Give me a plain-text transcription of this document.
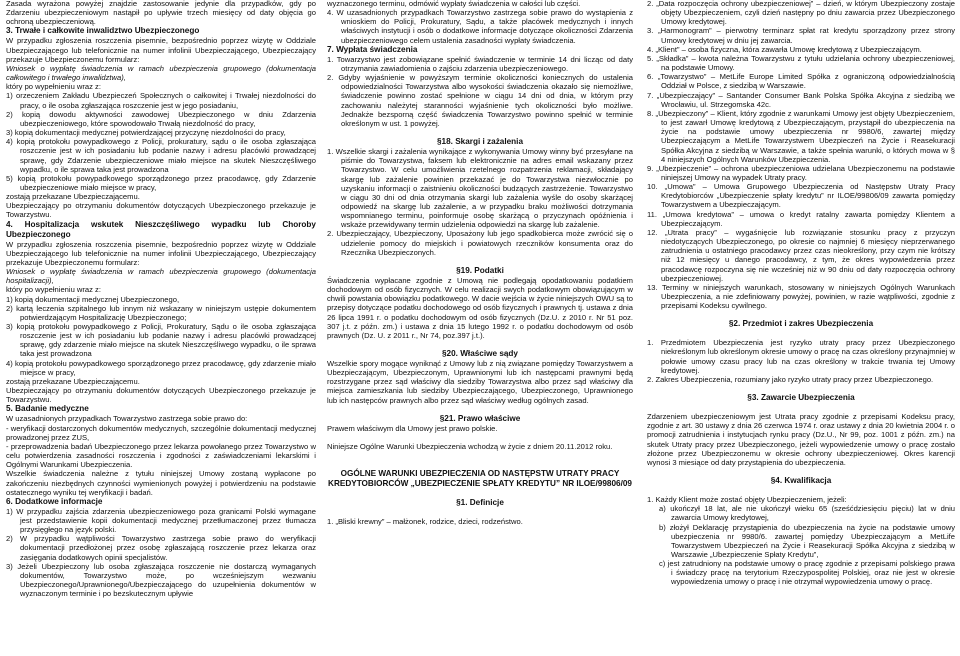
Zasada wyrażona powyżej znajdzie zastosowanie jedynie dla przypadków, gdy po Zdarzeniu ubezpieczeniowym nastąpił po upływie trzech miesięcy od daty objęcia go ochroną ubezpieczeniową.

3. Trwałe i całkowite inwalidztwo Ubezpieczonego

W przypadku zgłoszenia roszczenia pisemnie, bezpośrednio poprzez wizytę w Oddziale Ubezpieczającego lub telefonicznie na numer infolinii Ubezpieczającego, Ubezpieczający przekazuje Ubezpieczonemu formularz:

Wniosek o wypłatę świadczenia w ramach ubezpieczenia grupowego (dokumentacja całkowitego i trwałego inwalidztwa),

który po wypełnieniu wraz z:

1) orzeczeniem Zakładu Ubezpieczeń Społecznych o całkowitej i Trwałej niezdolności do pracy, o ile osoba zgłaszająca roszczenie jest w jego posiadaniu,

2) kopią dowodu aktywności zawodowej Ubezpieczonego w dniu Zdarzenia ubezpieczeniowego, które spowodowało Trwałą niezdolność do pracy,

3) kopią dokumentacji medycznej potwierdzającej przyczynę niezdolności do pracy,

4) kopią protokołu powypadkowego z Policji, prokuratury, sądu o ile osoba zgłaszająca roszczenie jest w ich posiadaniu lub podanie nazwy i adresu placówki prowadzącej sprawę, gdy Zdarzenie ubezpieczeniowe miało miejsce na skutek Nieszczęśliwego wypadku, o ile sprawa taka jest prowadzona

5) kopią protokołu powypadkowego sporządzonego przez pracodawcę, gdy Zdarzenie ubezpieczeniowe miało miejsce w pracy,

zostają przekazane Ubezpieczającemu.

Ubezpieczający po otrzymaniu dokumentów dotyczących Ubezpieczonego przekazuje je Towarzystwu.

4. Hospitalizacja wskutek Nieszczęśliwego wypadku lub Choroby Ubezpieczonego

W przypadku zgłoszenia roszczenia pisemnie, bezpośrednio poprzez wizytę w Oddziale Ubezpieczającego lub telefonicznie na numer infolinii Ubezpieczającego, Ubezpieczający przekazuje Ubezpieczonemu formularz:

Wniosek o wypłatę świadczenia w ramach ubezpieczenia grupowego (dokumentacja hospitalizacji),

który po wypełnieniu wraz z:

1) kopią dokumentacji medycznej Ubezpieczonego,

2) kartą leczenia szpitalnego lub innym niż wskazany w niniejszym ustępie dokumentem potwierdzającym Hospitalizację Ubezpieczonego;

3) kopią protokołu powypadkowego z Policji, Prokuratury, Sądu o ile osoba zgłaszająca roszczenie jest w ich posiadaniu lub podanie nazwy i adresu placówki prowadzącej sprawę, gdy zdarzenie miało miejsce na skutek Nieszczęśliwego wypadku, o ile sprawa taka jest prowadzona

4) kopią protokołu powypadkowego sporządzonego przez pracodawcę, gdy zdarzenie miało miejsce w pracy,

zostają przekazane Ubezpieczającemu.

Ubezpieczający po otrzymaniu dokumentów dotyczących Ubezpieczonego przekazuje je Towarzystwu.

5. Badanie medyczne

W uzasadnionych przypadkach Towarzystwo zastrzega sobie prawo do:

- weryfikacji dostarczonych dokumentów medycznych, szczególnie dokumentacji medycznej prowadzonej przez ZUS,

- przeprowadzenia badań Ubezpieczonego przez lekarza powołanego przez Towarzystwo w celu potwierdzenia zasadności roszczenia i zgodności z zaświadczeniami lekarskimi i Ogólnymi Warunkami Ubezpieczenia.

Wszelkie świadczenia należne z tytułu niniejszej Umowy zostaną wypłacone po zakończeniu niezbędnych czynności wymienionych powyżej i potwierdzeniu na podstawie ostatecznego wyniku tej weryfikacji i badań.

6. Dodatkowe informacje

1) W przypadku zajścia zdarzenia ubezpieczeniowego poza granicami Polski wymagane jest przedstawienie kopii dokumentacji medycznej przetłumaczonej przez tłumacza przysięgłego na język polski.

2) W przypadku wątpliwości Towarzystwo zastrzega sobie prawo do weryfikacji dokumentacji przedłożonej przez osobę zgłaszającą roszczenie przez lekarza oraz zasięgania dodatkowych opinii specjalistów.

3) Jeżeli Ubezpieczony lub osoba zgłaszająca roszczenie nie dostarczą wymaganych dokumentów, Towarzystwo może, po wcześniejszym wezwaniu Ubezpieczonego/Uprawnionego/Ubezpieczającego do uzupełnienia dokumentów w wyznaczonym terminie i po bezskutecznym upływie

wyznaczonego terminu, odmówić wypłaty świadczenia w całości lub części.

4. W uzasadnionych przypadkach Towarzystwo zastrzega sobie prawo do wystąpienia z wnioskiem do Policji, Prokuratury, Sądu, a także placówek medycznych i innych właściwych instytucji i osób o dodatkowe informacje dotyczące okoliczności Zdarzenia ubezpieczeniowego celem ustalenia zasadności wypłaty świadczenia.

7. Wypłata świadczenia

1. Towarzystwo jest zobowiązane spełnić świadczenie w terminie 14 dni licząc od daty otrzymania zawiadomienia o zajściu zdarzenia ubezpieczeniowego.

2. Gdyby wyjaśnienie w powyższym terminie okoliczności koniecznych do ustalenia odpowiedzialności Towarzystwa albo wysokości świadczenia okazało się niemożliwe, świadczenie powinno zostać spełnione w ciągu 14 dni od dnia, w którym przy zachowaniu należytej staranności wyjaśnienie tych okoliczności było możliwe. Jednakże bezsporną część świadczenia Towarzystwo powinno spełnić w terminie określonym w ust. 1 powyżej.

§18. Skargi i zażalenia

1. Wszelkie skargi i zażalenia wynikające z wykonywania Umowy winny być przesyłane na piśmie do Towarzystwa, faksem lub elektronicznie na adres email wskazany przez Towarzystwo. W celu umożliwienia rzetelnego rozpatrzenia reklamacji, składający skargę lub zażalenie powinien przekazać je do Towarzystwa niezwłocznie po uzyskaniu informacji o zaistnieniu okoliczności budzących zastrzeżenie. Towarzystwo w ciągu 30 dni od dnia otrzymania skargi lub zażalenia wyśle do osoby skarżącej odpowiedź na skargę lub zażalenie, a w przypadku braku możliwości dotrzymania wspomnianego terminu, poinformuje osobę skarżącą o przyczynach opóźnienia i wskaże przewidywany termin udzielenia odpowiedzi na skargę lub zażalenie.

2. Ubezpieczający, Ubezpieczony, Uposażony lub jego spadkobierca może zwrócić się o udzielenie pomocy do miejskich i powiatowych rzeczników konsumenta oraz do Rzecznika Ubezpieczonych.

§19. Podatki

Świadczenia wypłacane zgodnie z Umową nie podlegają opodatkowaniu podatkiem dochodowym od osób fizycznych. W celu realizacji swych podatkowym obowiązującym w chwili powstania obowiązku podatkowego. W dacie wejścia w życie niniejszych OWU są to przepisy dotyczące podatku dochodowego od osób fizycznych i prawnych tj. ustawa z dnia 26 lipca 1991 r. o podatku dochodowym od osób fizycznych (Dz.U. z 2010 r. Nr 51 poz. 307 j.t. z późn. zm.) i ustawa z dnia 15 lutego 1992 r. o podatku dochodowym od osób prawnych (Dz. U. z 2011 r., Nr 74, poz.397 j.t.).

§20. Właściwe sądy

Wszelkie spory mogące wyniknąć z Umowy lub z nią związane pomiędzy Towarzystwem a Ubezpieczającym, Ubezpieczonym, Uprawnionymi lub ich następcami prawnymi będą rozstrzygane przez sąd właściwy dla siedziby Towarzystwa albo przez sąd właściwy dla miejsca zamieszkania lub siedziby Ubezpieczającego, Ubezpieczonego, Uprawnionego lub ich następców prawnych albo przez sąd właściwy według ogólnych zasad.

§21. Prawo właściwe

Prawem właściwym dla Umowy jest prawo polskie.

Niniejsze Ogólne Warunki Ubezpieczenia wchodzą w życie z dniem 20.11.2012 roku.

OGÓLNE WARUNKI UBEZPIECZENIA OD NASTĘPSTW UTRATY PRACY KREDYTOBIORCÓW „UBEZPIECZENIE SPŁATY KREDYTU” NR ILOE/99806/09

§1. Definicje

1. „Bliski krewny” – małżonek, rodzice, dzieci, rodzeństwo.

2. „Data rozpoczęcia ochrony ubezpieczeniowej” – dzień, w którym Ubezpieczony zostaje objęty Ubezpieczeniem, czyli dzień następny po dniu zawarcia przez Ubezpieczonego Umowy kredytowej.

3. „Harmonogram” – pierwotny terminarz spłat rat kredytu sporządzony przez strony Umowy kredytowej w dniu jej zawarcia.

4. „Klient” – osoba fizyczna, która zawarła Umowę kredytową z Ubezpieczającym.

5. „Składka” – kwota należna Towarzystwu z tytułu udzielania ochrony ubezpieczeniowej, na podstawie Umowy.

6. „Towarzystwo” – MetLife Europe Limited Spółka z ograniczoną odpowiedzialnością Oddział w Polsce, z siedzibą w Warszawie.

7. „Ubezpieczający” – Santander Consumer Bank Polska Spółka Akcyjna z siedzibą we Wrocławiu, ul. Strzegomska 42c.

8. „Ubezpieczony” – Klient, który zgodnie z warunkami Umowy jest objęty Ubezpieczeniem, to jest zawarł Umowę kredytową z Ubezpieczającym, przystąpił do ubezpieczenia na życie na podstawie umowy ubezpieczenia nr 9980/6, zawartej między Ubezpieczającym a MetLife Towarzystwem Ubezpieczeń na Życie i Reasekuracji Spółka Akcyjna z siedzibą w Warszawie, a także spełnia warunki, o których mowa w § 4 niniejszych Ogólnych Warunków Ubezpieczenia.

9. „Ubezpieczenie” – ochrona ubezpieczeniowa udzielana Ubezpieczonemu na podstawie niniejszej Umowy na wypadek Utraty pracy.

10. „Umowa” – Umowa Grupowego Ubezpieczenia od Następstw Utraty Pracy Kredytobiorców „Ubezpieczenie spłaty kredytu” nr ILOE/99806/09 zawarta pomiędzy Towarzystwem a Ubezpieczającym.

11. „Umowa kredytowa” – umowa o kredyt ratalny zawarta pomiędzy Klientem a Ubezpieczającym.

12. „Utrata pracy” – wygaśnięcie lub rozwiązanie stosunku pracy z przyczyn niedotyczących Ubezpieczonego, po okresie co najmniej 6 miesięcy nieprzerwanego zatrudnienia u ostatniego pracodawcy przez czas nieokreślony, przy czym nie krótszy niż 12 miesięcy u danego pracodawcy, z tym, że okres wypowiedzenia przez pracodawcę rozpoczyna się nie wcześniej niż w 90 dniu od daty rozpoczęcia ochrony ubezpieczeniowej.

13. Terminy w niniejszych warunkach, stosowany w niniejszych Ogólnych Warunkach Ubezpieczenia, a nie zdefiniowany powyżej, powinien, w razie wątpliwości, zgodnie z przepisami Kodeksu cywilnego.

§2. Przedmiot i zakres Ubezpieczenia

1. Przedmiotem Ubezpieczenia jest ryzyko utraty pracy przez Ubezpieczonego niekreślonym lub określonym okresie umowy o pracę na czas określony przynajmniej w połowie umowy czasu pracy lub na czas określony w trakcie trwania tej Umowy kredytowej.

2. Zakres Ubezpieczenia, rozumiany jako ryzyko utraty pracy przez Ubezpieczonego.

§3. Zawarcie Ubezpieczenia

Zdarzeniem ubezpieczeniowym jest Utrata pracy zgodnie z przepisami Kodeksu pracy, zgodnie z art. 30 ustawy z dnia 26 czerwca 1974 r. oraz ustawy z dnia 20 kwietnia 2004 r. o promocji zatrudnienia i instytucjach rynku pracy (Dz.U., Nr 99, poz. 1001 z późn. zm.) na skutek Utraty pracy przez Ubezpieczonego, jeżeli wypowiedzenie umowy o pracę zostało złożone przez Ubezpieczonemu w okresie ochrony ubezpieczeniowej. Okres karencji wynosi 3 miesiące od daty przystąpienia do ubezpieczenia.

§4. Kwalifikacja

1. Każdy Klient może zostać objęty Ubezpieczeniem, jeżeli:

a) ukończył 18 lat, ale nie ukończył wieku 65 (sześćdziesięciu pięciu) lat w dniu zawarcia Umowy kredytowej,

b) złożył Deklarację przystąpienia do ubezpieczenia na życie na podstawie umowy ubezpieczenia nr 9980/6. zawartej pomiędzy Ubezpieczającym a MetLife Towarzystwem Ubezpieczeń na Życie i Reasekuracji Spółka Akcyjna z siedzibą w Warszawie „Ubezpieczenie Spłaty Kredytu”,

c) jest zatrudniony na podstawie umowy o pracę zgodnie z przepisami polskiego prawa i świadczy pracę na terytorium Rzeczypospolitej Polskiej, oraz nie jest w okresie wypowiedzenia umowy o pracę i nie otrzymał wypowiedzenia umowy o pracę.
